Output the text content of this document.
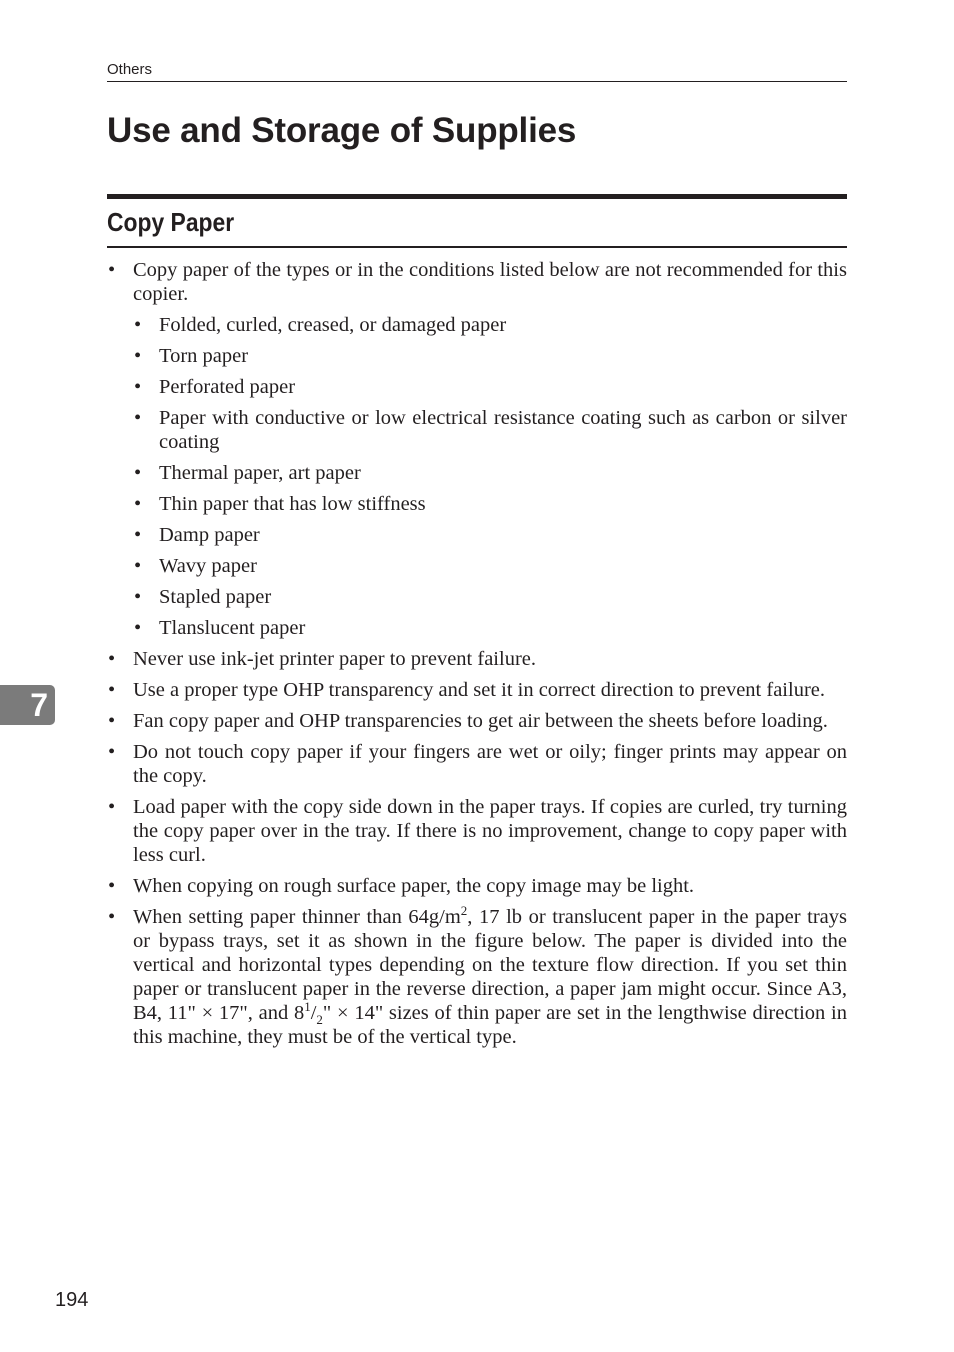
Others
Use and Storage of Supplies
Copy Paper
7
• Copy paper of the types or in the conditions listed below are not recommended for this copier.
• Folded, curled, creased, or damaged paper
• Torn paper
• Perforated paper
• Paper with conductive or low electrical resistance coating such as carbon or silver coating
• Thermal paper, art paper
• Thin paper that has low stiffness
• Damp paper
• Wavy paper
• Stapled paper
• Tlanslucent paper
• Never use ink-jet printer paper to prevent failure.
• Use a proper type OHP transparency and set it in correct direction to prevent failure.
• Fan copy paper and OHP transparencies to get air between the sheets before loading.
• Do not touch copy paper if your fingers are wet or oily; finger prints may appear on the copy.
• Load paper with the copy side down in the paper trays. If copies are curled, try turning the copy paper over in the tray. If there is no improvement, change to copy paper with less curl.
• When copying on rough surface paper, the copy image may be light.
• When setting paper thinner than $64g/m^2$, 17 lb or translucent paper in the paper trays or bypass trays, set it as shown in the figure below. The paper is divided into the vertical and horizontal types depending on the texture flow direction. If you set thin paper or translucent paper in the reverse direction, a paper jam might occur. Since A3, B4, 11" × 17", and $8^1/_2$" × 14" sizes of thin paper are set in the lengthwise direction in this machine, they must be of the vertical type.
194
